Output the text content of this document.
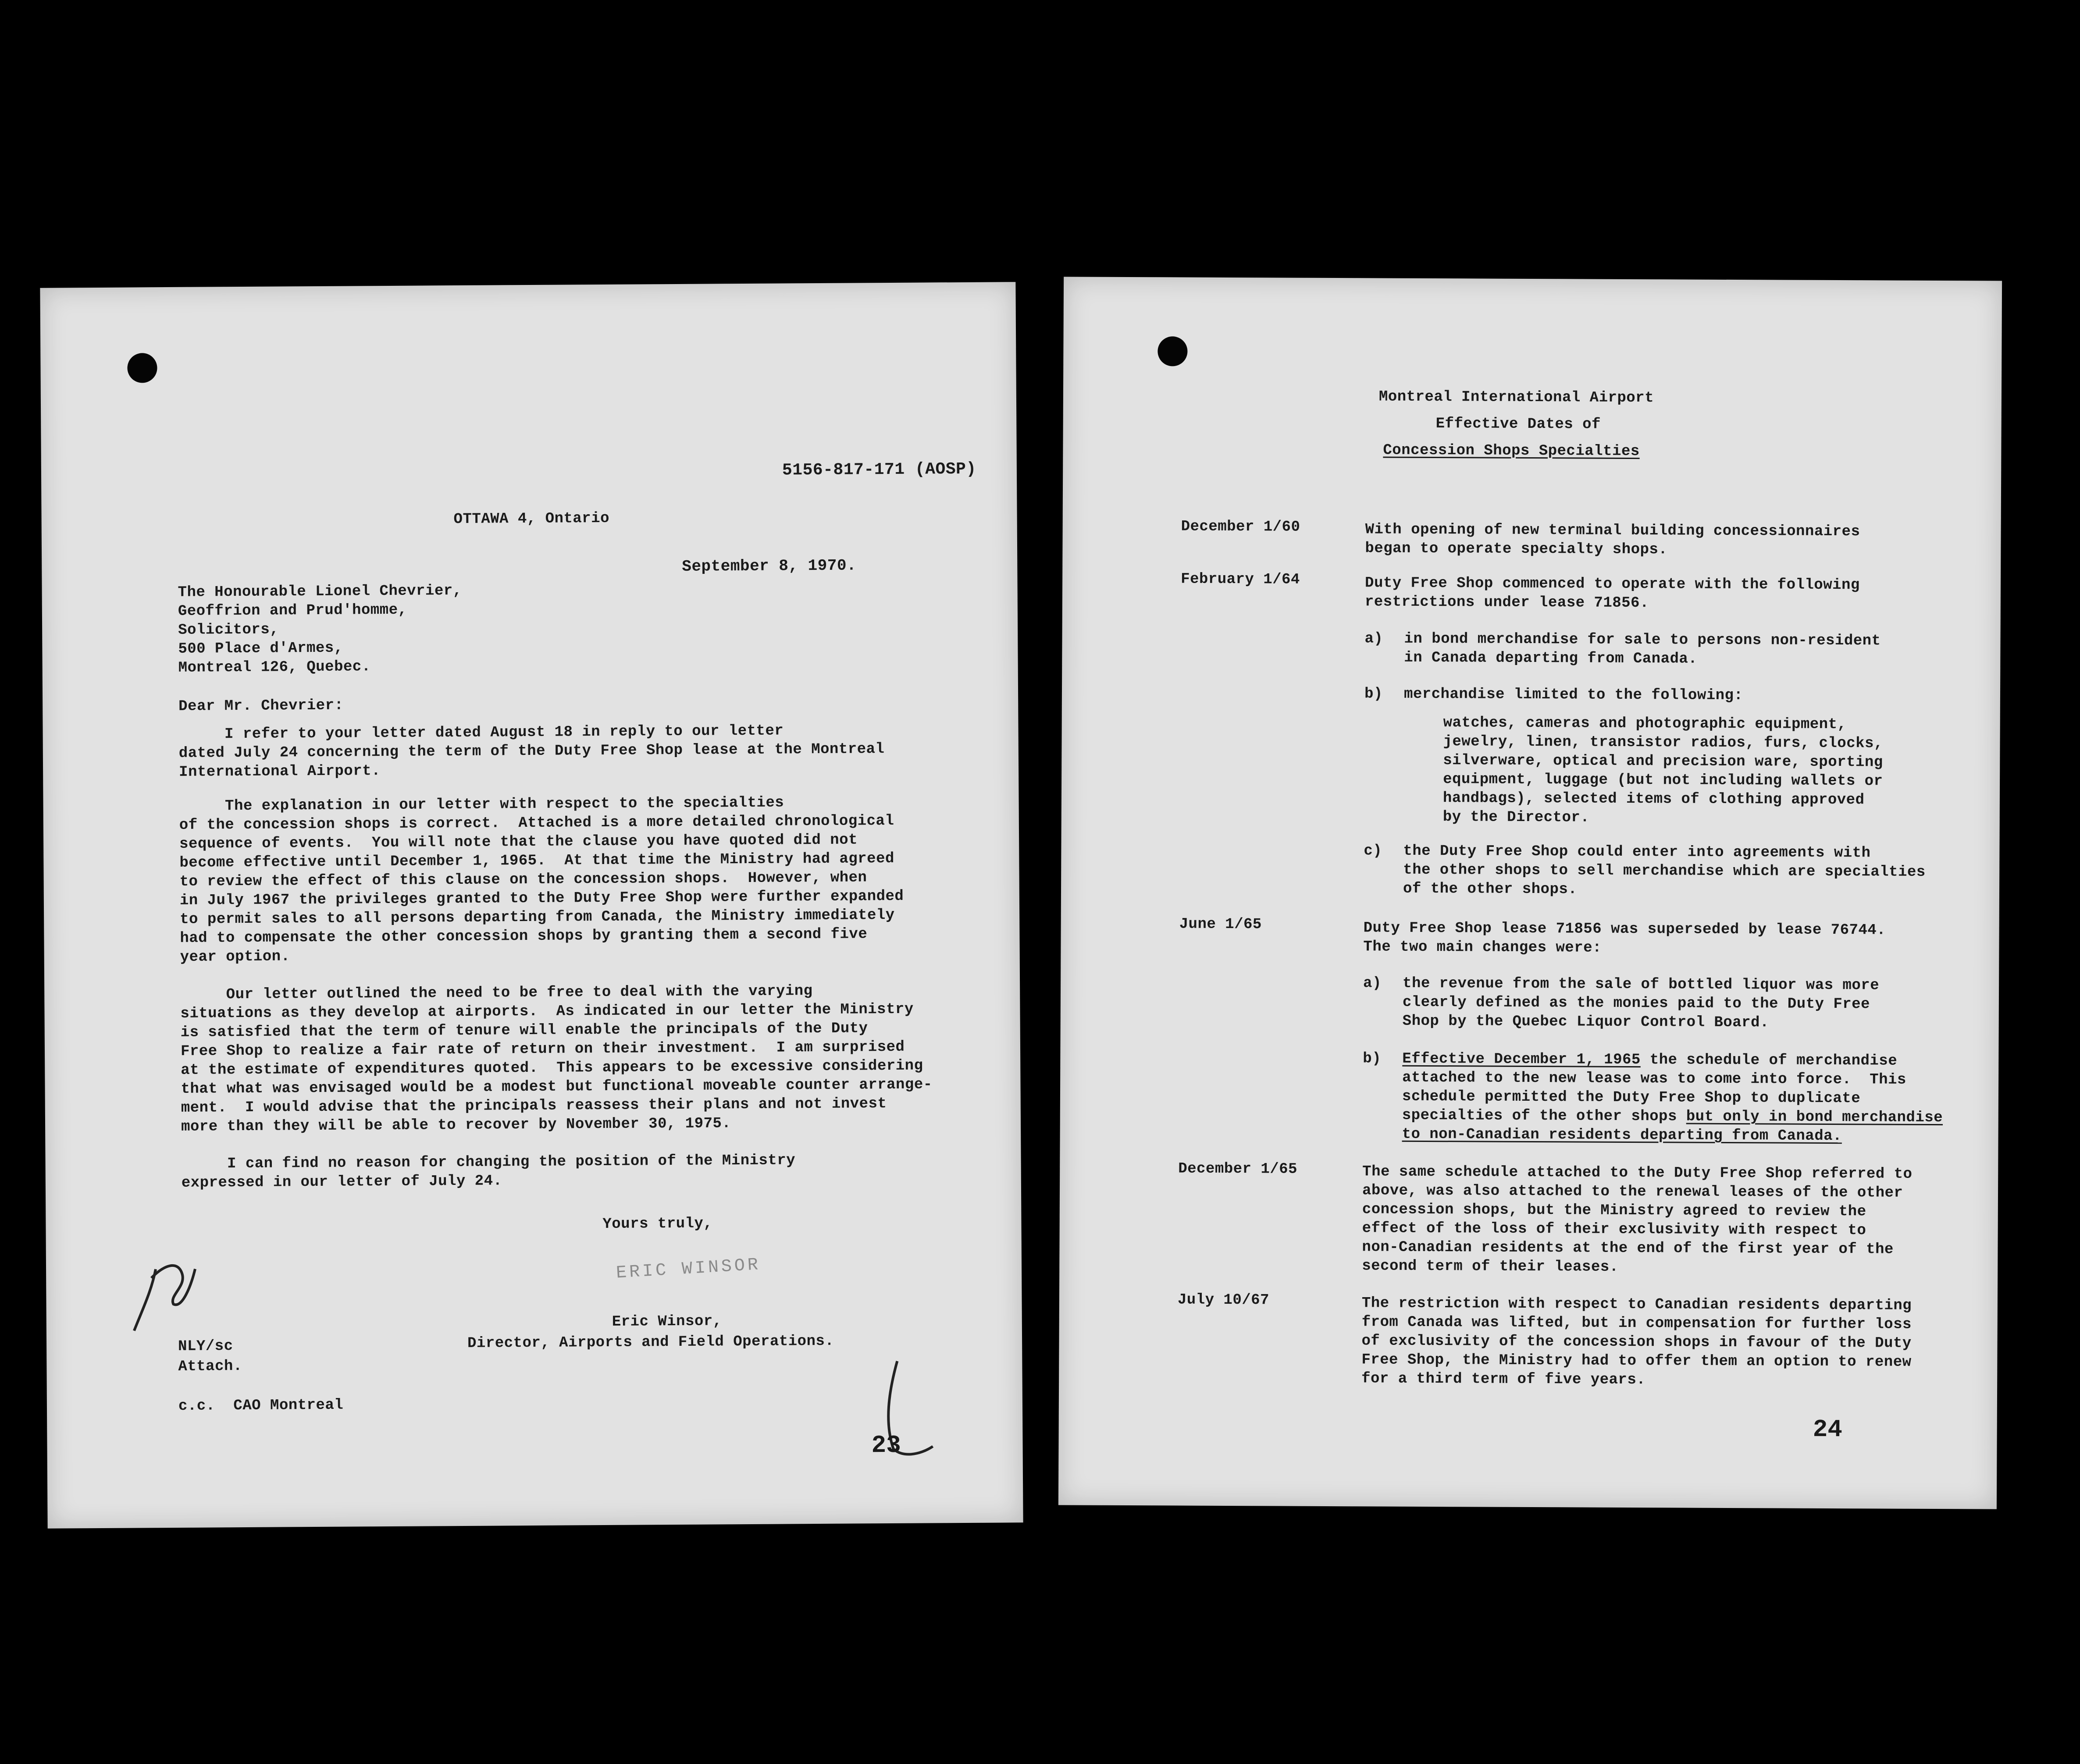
5156-817-171 (AOSP)
OTTAWA 4, Ontario
September 8, 1970.
The Honourable Lionel Chevrier,
Geoffrion and Prud'homme,
Solicitors,
500 Place d'Armes,
Montreal 126, Quebec.
Dear Mr. Chevrier:
I refer to your letter dated August 18 in reply to our letter
dated July 24 concerning the term of the Duty Free Shop lease at the Montreal
International Airport.
The explanation in our letter with respect to the specialties
of the concession shops is correct.  Attached is a more detailed chronological
sequence of events.  You will note that the clause you have quoted did not
become effective until December 1, 1965.  At that time the Ministry had agreed
to review the effect of this clause on the concession shops.  However, when
in July 1967 the privileges granted to the Duty Free Shop were further expanded
to permit sales to all persons departing from Canada, the Ministry immediately
had to compensate the other concession shops by granting them a second five
year option.
Our letter outlined the need to be free to deal with the varying
situations as they develop at airports.  As indicated in our letter the Ministry
is satisfied that the term of tenure will enable the principals of the Duty
Free Shop to realize a fair rate of return on their investment.  I am surprised
at the estimate of expenditures quoted.  This appears to be excessive considering
that what was envisaged would be a modest but functional moveable counter arrange-
ment.  I would advise that the principals reassess their plans and not invest
more than they will be able to recover by November 30, 1975.
I can find no reason for changing the position of the Ministry
expressed in our letter of July 24.
Yours truly,
ERIC WINSOR
Eric Winsor,
Director, Airports and Field Operations.
NLY/sc
Attach.
c.c.  CAO Montreal
23
Montreal International Airport
Effective Dates of
Concession Shops Specialties
December 1/60	With opening of new terminal building concessionnaires
began to operate specialty shops.
February 1/64	Duty Free Shop commenced to operate with the following
restrictions under lease 71856.
a) in bond merchandise for sale to persons non-resident
in Canada departing from Canada.
b) merchandise limited to the following:
watches, cameras and photographic equipment,
jewelry, linen, transistor radios, furs, clocks,
silverware, optical and precision ware, sporting
equipment, luggage (but not including wallets or
handbags), selected items of clothing approved
by the Director.
c) the Duty Free Shop could enter into agreements with
the other shops to sell merchandise which are specialties
of the other shops.
June 1/65	Duty Free Shop lease 71856 was superseded by lease 76744.
The two main changes were:
a) the revenue from the sale of bottled liquor was more
clearly defined as the monies paid to the Duty Free
Shop by the Quebec Liquor Control Board.
b) Effective December 1, 1965 the schedule of merchandise
attached to the new lease was to come into force.  This
schedule permitted the Duty Free Shop to duplicate
specialties of the other shops but only in bond merchandise
to non-Canadian residents departing from Canada.
December 1/65	The same schedule attached to the Duty Free Shop referred to
above, was also attached to the renewal leases of the other
concession shops, but the Ministry agreed to review the
effect of the loss of their exclusivity with respect to
non-Canadian residents at the end of the first year of the
second term of their leases.
July 10/67	The restriction with respect to Canadian residents departing
from Canada was lifted, but in compensation for further loss
of exclusivity of the concession shops in favour of the Duty
Free Shop, the Ministry had to offer them an option to renew
for a third term of five years.
24
